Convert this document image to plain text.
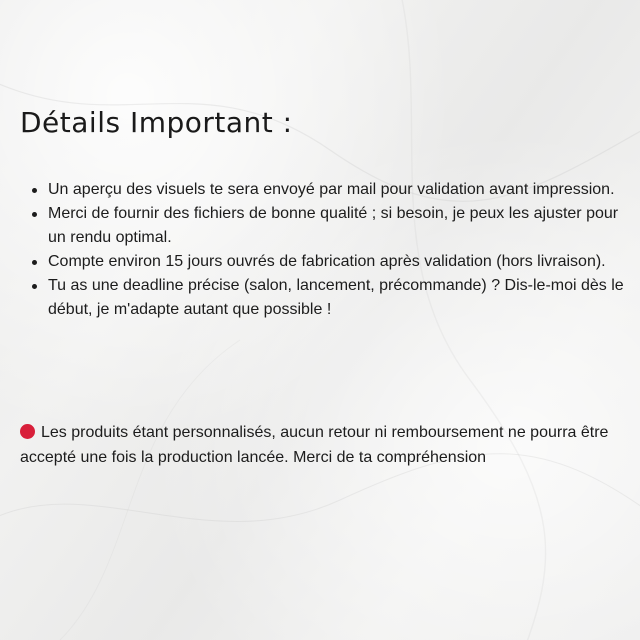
Détails Important :
Un aperçu des visuels te sera envoyé par mail pour validation avant impression.
Merci de fournir des fichiers de bonne qualité ; si besoin, je peux les ajuster pour un rendu optimal.
Compte environ 15 jours ouvrés de fabrication après validation (hors livraison).
Tu as une deadline précise (salon, lancement, précommande) ? Dis-le-moi dès le début, je m'adapte autant que possible !

Les produits étant personnalisés, aucun retour ni remboursement ne pourra être accepté une fois la production lancée. Merci de ta compréhension
